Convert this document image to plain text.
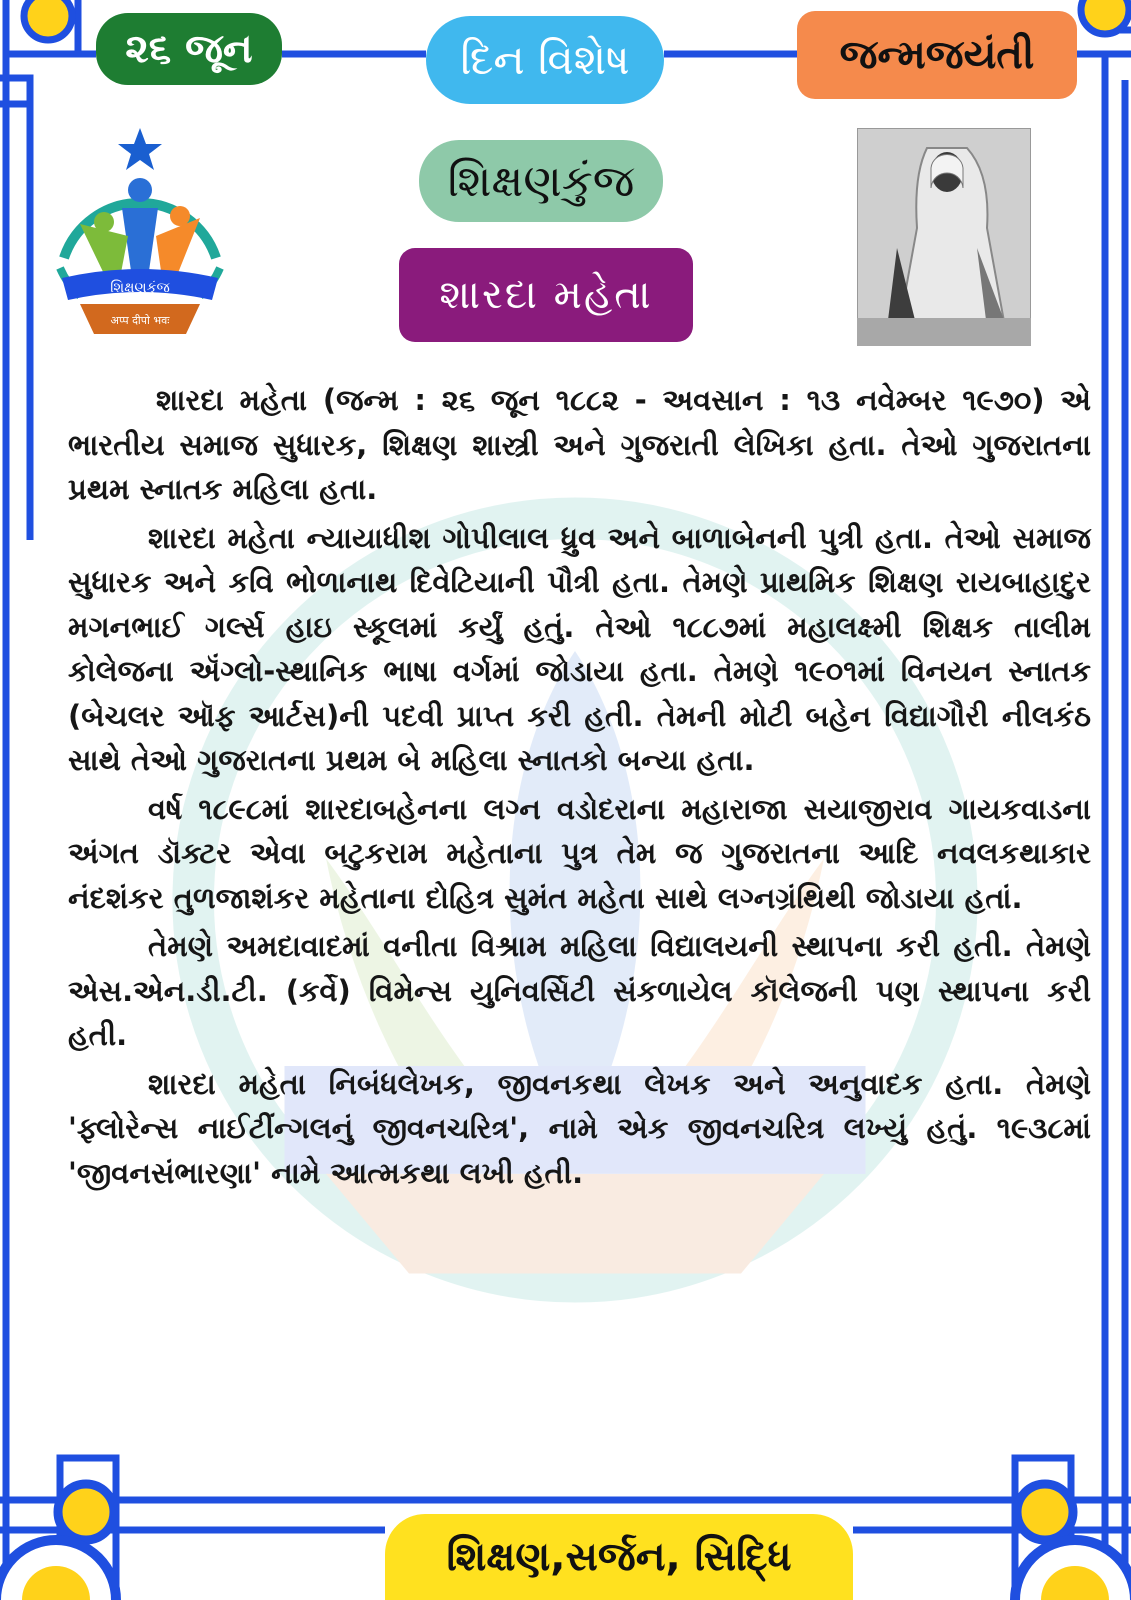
૨૬ જૂન	દિન વિશેષ	જન્મજયંતી
શિક્ષણકુંજ
अप्प दीपो भवः
શિક્ષણકુંજ
શારદા મહેતા

શારદા મહેતા (જન્મ : ૨૬ જૂન ૧૮૮૨ - અવસાન : ૧૩ નવેમ્બર ૧૯૭૦) એ ભારતીય સમાજ સુધારક, શિક્ષણ શાસ્ત્રી અને ગુજરાતી લેખિકા હતા. તેઓ ગુજરાતના પ્રથમ સ્નાતક મહિલા હતા.

શારદા મહેતા ન્યાયાધીશ ગોપીલાલ ધ્રુવ અને બાળાબેનની પુત્રી હતા. તેઓ સમાજ સુધારક અને કવિ ભોળાનાથ દિવેટિયાની પૌત્રી હતા. તેમણે પ્રાથમિક શિક્ષણ રાયબાહાદુર મગનભાઈ ગર્લ્સ હાઇ સ્કૂલમાં કર્યું હતું. તેઓ ૧૮૮૭માં મહાલક્ષ્મી શિક્ષક તાલીમ કોલેજના ઍંગ્લો-સ્થાનિક ભાષા વર્ગમાં જોડાયા હતા. તેમણે ૧૯૦૧માં વિનયન સ્નાતક (બેચલર ઑફ આર્ટસ)ની પદવી પ્રાપ્ત કરી હતી. તેમની મોટી બહેન વિદ્યાગૌરી નીલકંઠ સાથે તેઓ ગુજરાતના પ્રથમ બે મહિલા સ્નાતકો બન્યા હતા.

વર્ષ ૧૮૯૮માં શારદાબહેનના લગ્ન વડોદરાના મહારાજા સયાજીરાવ ગાયકવાડના અંગત ડૉક્ટર એવા બટુકરામ મહેતાના પુત્ર તેમ જ ગુજરાતના આદિ નવલકથાકાર નંદશંકર તુળજાશંકર મહેતાના દોહિત્ર સુમંત મહેતા સાથે લગ્નગ્રંથિથી જોડાયા હતાં.

તેમણે અમદાવાદમાં વનીતા વિશ્રામ મહિલા વિદ્યાલયની સ્થાપના કરી હતી. તેમણે એસ.એન.ડી.ટી. (કર્વે) વિમેન્સ યુનિવર્સિટી સંકળાયેલ કૉલેજની પણ સ્થાપના કરી હતી.

શારદા મહેતા નિબંધલેખક, જીવનકથા લેખક અને અનુવાદક હતા. તેમણે 'ફ્લોરેન્સ નાઈટીંન્ગલનું જીવનચરિત્ર', નામે એક જીવનચરિત્ર લખ્યું હતું. ૧૯૩૮માં 'જીવનસંભારણા' નામે આત્મકથા લખી હતી.

શિક્ષણ,સર્જન, સિદ્ધિ
